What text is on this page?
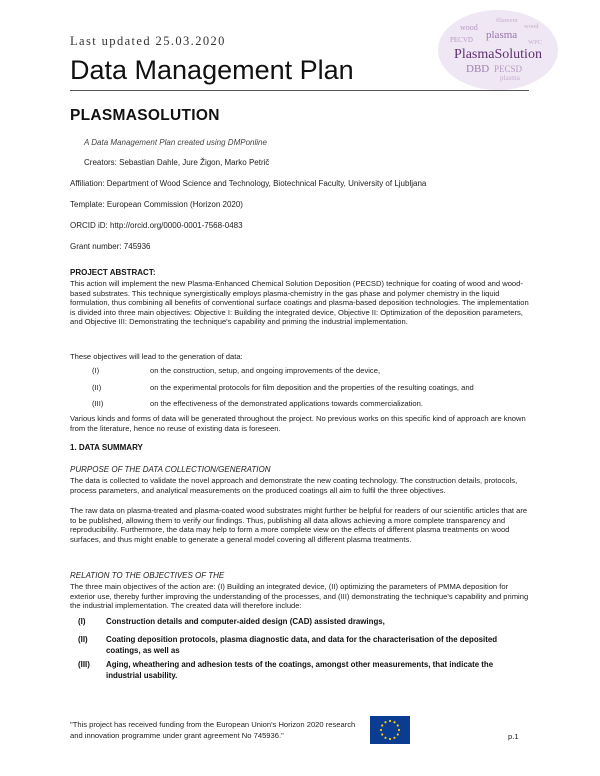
Last updated 25.03.2020
Data Management Plan
wood
plasma
PECVD
DBD PECSD
plasma
filament
wood
WPC
PlasmaSolution
PLASMASOLUTION
A Data Management Plan created using DMPonline
Creators: Sebastian Dahle, Jure Žigon, Marko Petrič
Affiliation: Department of Wood Science and Technology, Biotechnical Faculty, University of Ljubljana
Template: European Commission (Horizon 2020)
ORCID iD: http://orcid.org/0000-0001-7568-0483
Grant number: 745936
PROJECT ABSTRACT:
This action will implement the new Plasma-Enhanced Chemical Solution Deposition (PECSD) technique for coating of wood and wood-based substrates. This technique synergistically employs plasma-chemistry in the gas phase and polymer chemistry in the liquid formulation, thus combining all benefits of conventional surface coatings and plasma-based deposition technologies. The implementation is divided into three main objectives: Objective I: Building the integrated device, Objective II: Optimization of the deposition parameters, and Objective III: Demonstrating the technique's capability and priming the industrial implementation.
These objectives will lead to the generation of data:
(I)	on the construction, setup, and ongoing improvements of the device,
(II)	on the experimental protocols for film deposition and the properties of the resulting coatings, and
(III)	on the effectiveness of the demonstrated applications towards commercialization.
Various kinds and forms of data will be generated throughout the project. No previous works on this specific kind of approach are known from the literature, hence no reuse of existing data is foreseen.
1. DATA SUMMARY
PURPOSE OF THE DATA COLLECTION/GENERATION
The data is collected to validate the novel approach and demonstrate the new coating technology. The construction details, protocols, process parameters, and analytical measurements on the produced coatings all aim to fulfil the three objectives.
The raw data on plasma-treated and plasma-coated wood substrates might further be helpful for readers of our scientific articles that are to be published, allowing them to verify our findings. Thus, publishing all data allows achieving a more complete transparency and reproducibility. Furthermore, the data may help to form a more complete view on the effects of different plasma treatments on wood surfaces, and thus might enable to generate a general model covering all different plasma treatments.
RELATION TO THE OBJECTIVES OF THE
The three main objectives of the action are: (I) Building an integrated device, (II) optimizing the parameters of PMMA deposition for exterior use, thereby further improving the understanding of the processes, and (III) demonstrating the technique's capability and priming the industrial implementation. The created data will therefore include:
(I)	Construction details and computer-aided design (CAD) assisted drawings,
(II) Coating deposition protocols, plasma diagnostic data, and data for the characterisation of the deposited coatings, as well as
(III) Aging, wheathering and adhesion tests of the coatings, amongst other measurements, that indicate the industrial usability.
"This project has received funding from the European Union's Horizon 2020 research and innovation programme under grant agreement No 745936."	p.1
